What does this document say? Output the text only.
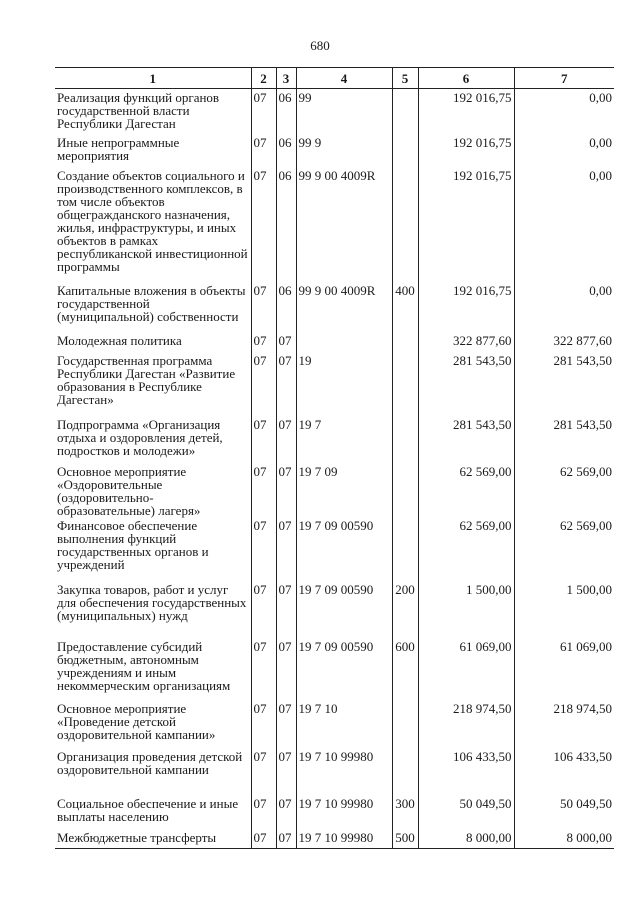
680
1	2	3	4	5	6	7
Реализация функций органов государственной власти Республики Дагестан	07	06	99		192 016,75	0,00
Иные непрограммные мероприятия	07	06	99 9		192 016,75	0,00
Создание объектов социального и производственного комплексов, в том числе объектов общегражданского назначения, жилья, инфраструктуры, и иных объектов в рамках республиканской инвестиционной программы	07	06	99 9 00 4009R		192 016,75	0,00
Капитальные вложения в объекты государственной (муниципальной) собственности	07	06	99 9 00 4009R	400	192 016,75	0,00
Молодежная политика	07	07			322 877,60	322 877,60
Государственная программа Республики Дагестан «Развитие образования в Республике Дагестан»	07	07	19		281 543,50	281 543,50
Подпрограмма «Организация отдыха и оздоровления детей, подростков и молодежи»	07	07	19 7		281 543,50	281 543,50
Основное мероприятие «Оздоровительные (оздоровительно-образовательные) лагеря»	07	07	19 7 09		62 569,00	62 569,00
Финансовое обеспечение выполнения функций государственных органов и учреждений	07	07	19 7 09 00590		62 569,00	62 569,00
Закупка товаров, работ и услуг для обеспечения государственных (муниципальных) нужд	07	07	19 7 09 00590	200	1 500,00	1 500,00
Предоставление субсидий бюджетным, автономным учреждениям и иным некоммерческим организациям	07	07	19 7 09 00590	600	61 069,00	61 069,00
Основное мероприятие «Проведение детской оздоровительной кампании»	07	07	19 7 10		218 974,50	218 974,50
Организация проведения детской оздоровительной кампании	07	07	19 7 10 99980		106 433,50	106 433,50
Социальное обеспечение и иные выплаты населению	07	07	19 7 10 99980	300	50 049,50	50 049,50
Межбюджетные трансферты	07	07	19 7 10 99980	500	8 000,00	8 000,00
